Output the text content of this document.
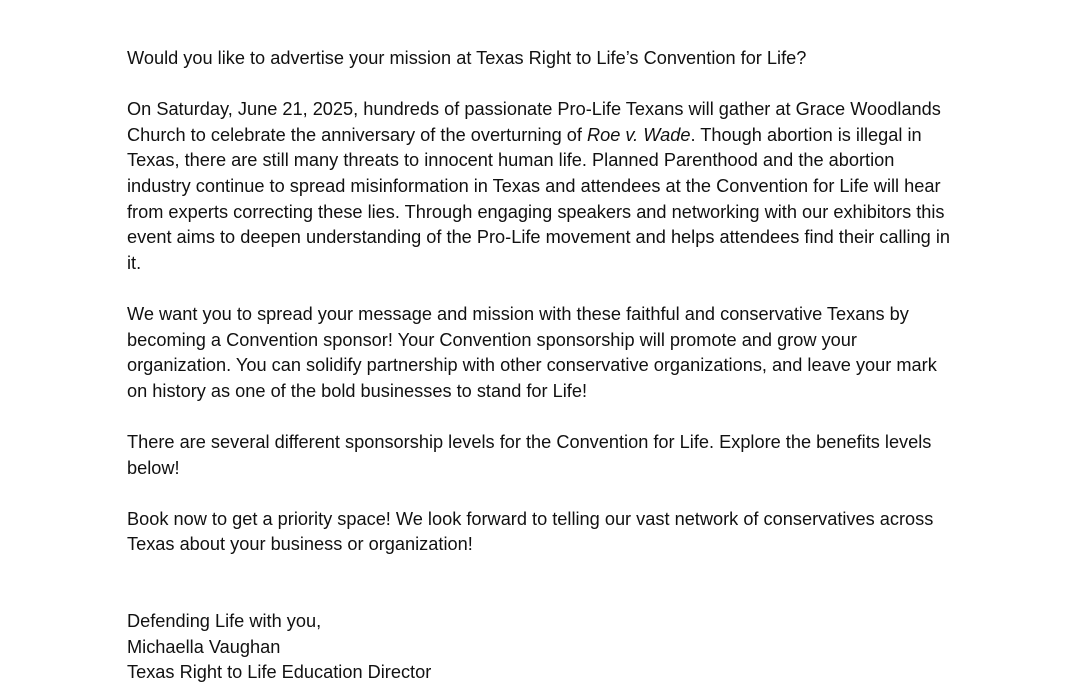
Would you like to advertise your mission at Texas Right to Life’s Convention for Life?

On Saturday, June 21, 2025, hundreds of passionate Pro-Life Texans will gather at Grace Woodlands Church to celebrate the anniversary of the overturning of Roe v. Wade. Though abortion is illegal in Texas, there are still many threats to innocent human life. Planned Parenthood and the abortion industry continue to spread misinformation in Texas and attendees at the Convention for Life will hear from experts correcting these lies. Through engaging speakers and networking with our exhibitors this event aims to deepen understanding of the Pro-Life movement and helps attendees find their calling in it.

We want you to spread your message and mission with these faithful and conservative Texans by becoming a Convention sponsor! Your Convention sponsorship will promote and grow your organization. You can solidify partnership with other conservative organizations, and leave your mark on history as one of the bold businesses to stand for Life!

There are several different sponsorship levels for the Convention for Life. Explore the benefits levels below!

Book now to get a priority space! We look forward to telling our vast network of conservatives across Texas about your business or organization!

Defending Life with you,
Michaella Vaughan
Texas Right to Life Education Director
